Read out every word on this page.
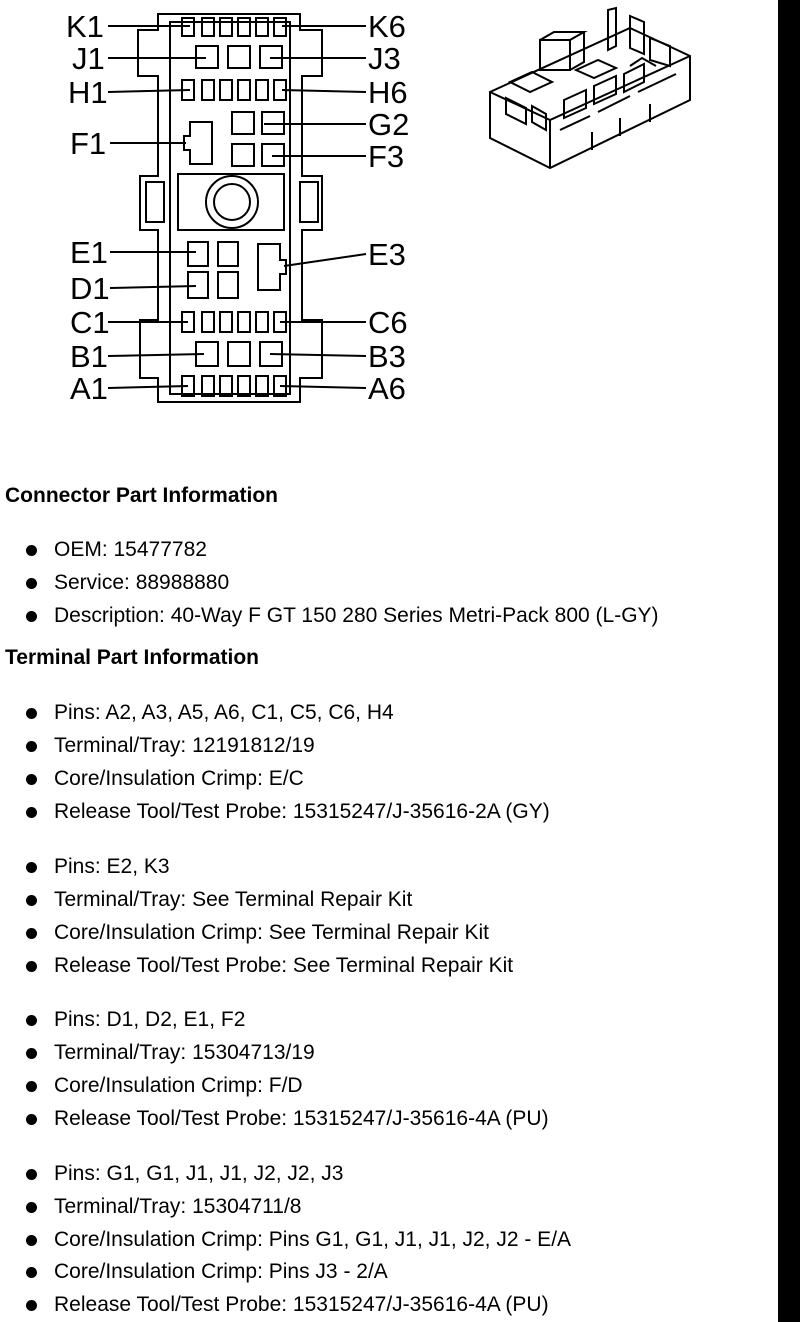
K1
J1
H1
F1
E1
D1
C1
B1
A1
K6
J3
H6
G2
F3
E3
C6
B3
A6
Connector Part Information
OEM: 15477782
Service: 88988880
Description: 40-Way F GT 150 280 Series Metri-Pack 800 (L-GY)
Terminal Part Information
Pins: A2, A3, A5, A6, C1, C5, C6, H4
Terminal/Tray: 12191812/19
Core/Insulation Crimp: E/C
Release Tool/Test Probe: 15315247/J-35616-2A (GY)
Pins: E2, K3
Terminal/Tray: See Terminal Repair Kit
Core/Insulation Crimp: See Terminal Repair Kit
Release Tool/Test Probe: See Terminal Repair Kit
Pins: D1, D2, E1, F2
Terminal/Tray: 15304713/19
Core/Insulation Crimp: F/D
Release Tool/Test Probe: 15315247/J-35616-4A (PU)
Pins: G1, G1, J1, J1, J2, J2, J3
Terminal/Tray: 15304711/8
Core/Insulation Crimp: Pins G1, G1, J1, J1, J2, J2 - E/A
Core/Insulation Crimp: Pins J3 - 2/A
Release Tool/Test Probe: 15315247/J-35616-4A (PU)
